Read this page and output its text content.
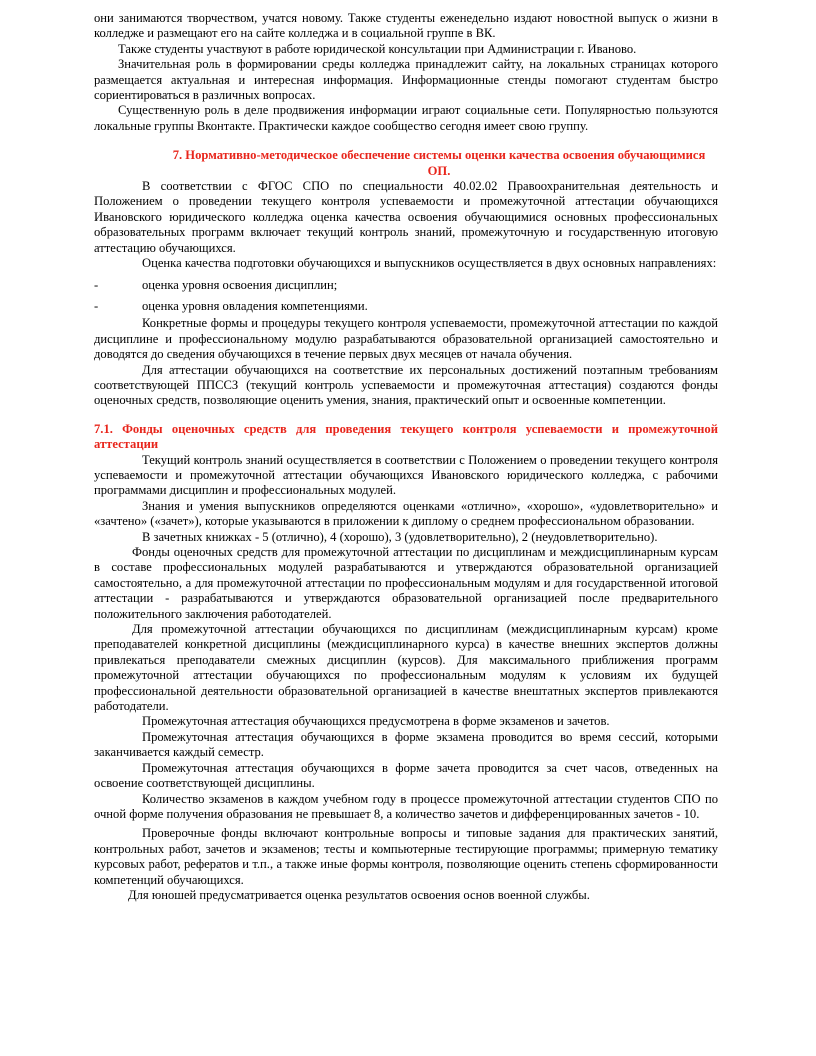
они занимаются творчеством, учатся новому. Также студенты еженедельно издают новостной выпуск о жизни в колледже и размещают его на сайте колледжа и в социальной группе в ВК.

Также студенты участвуют в работе юридической консультации при Администрации г. Иваново.

Значительная роль в формировании среды колледжа принадлежит сайту, на локальных страницах которого размещается актуальная и интересная информация. Информационные стенды помогают студентам быстро сориентироваться в различных вопросах.

Существенную роль в деле продвижения информации играют социальные сети. Популярностью пользуются локальные группы Вконтакте. Практически каждое сообщество сегодня имеет свою группу.

7. Нормативно-методическое обеспечение системы оценки качества освоения обучающимися ОП.

В соответствии с ФГОС СПО по специальности 40.02.02 Правоохранительная деятельность и Положением о проведении текущего контроля успеваемости и промежуточной аттестации обучающихся Ивановского юридического колледжа оценка качества освоения обучающимися основных профессиональных образовательных программ включает текущий контроль знаний, промежуточную и государственную итоговую аттестацию обучающихся.

Оценка качества подготовки обучающихся и выпускников осуществляется в двух основных направлениях:

-	оценка уровня освоения дисциплин;
-	оценка уровня овладения компетенциями.

Конкретные формы и процедуры текущего контроля успеваемости, промежуточной аттестации по каждой дисциплине и профессиональному модулю разрабатываются образовательной организацией самостоятельно и доводятся до сведения обучающихся в течение первых двух месяцев от начала обучения.

Для аттестации обучающихся на соответствие их персональных достижений поэтапным требованиям соответствующей ППССЗ (текущий контроль успеваемости и промежуточная аттестация) создаются фонды оценочных средств, позволяющие оценить умения, знания, практический опыт и освоенные компетенции.

7.1. Фонды оценочных средств для проведения текущего контроля успеваемости и промежуточной аттестации

Текущий контроль знаний осуществляется в соответствии с Положением о проведении текущего контроля успеваемости и промежуточной аттестации обучающихся Ивановского юридического колледжа, с рабочими программами дисциплин и профессиональных модулей.

Знания и умения выпускников определяются оценками «отлично», «хорошо», «удовлетворительно» и «зачтено» («зачет»), которые указываются в приложении к диплому о среднем профессиональном образовании.

В зачетных книжках - 5 (отлично), 4 (хорошо), 3 (удовлетворительно), 2 (неудовлетворительно).

Фонды оценочных средств для промежуточной аттестации по дисциплинам и междисциплинарным курсам в составе профессиональных модулей разрабатываются и утверждаются образовательной организацией самостоятельно, а для промежуточной аттестации по профессиональным модулям и для государственной итоговой аттестации - разрабатываются и утверждаются образовательной организацией после предварительного положительного заключения работодателей.

Для промежуточной аттестации обучающихся по дисциплинам (междисциплинарным курсам) кроме преподавателей конкретной дисциплины (междисциплинарного курса) в качестве внешних экспертов должны привлекаться преподаватели смежных дисциплин (курсов). Для максимального приближения программ промежуточной аттестации обучающихся по профессиональным модулям к условиям их будущей профессиональной деятельности образовательной организацией в качестве внештатных экспертов привлекаются работодатели.

Промежуточная аттестация обучающихся предусмотрена в форме экзаменов и зачетов.

Промежуточная аттестация обучающихся в форме экзамена проводится во время сессий, которыми заканчивается каждый семестр.

Промежуточная аттестация обучающихся в форме зачета проводится за счет часов, отведенных на освоение соответствующей дисциплины.

Количество экзаменов в каждом учебном году в процессе промежуточной аттестации студентов СПО по очной форме получения образования не превышает 8, а количество зачетов и дифференцированных зачетов - 10.

Проверочные фонды включают контрольные вопросы и типовые задания для практических занятий, контрольных работ, зачетов и экзаменов; тесты и компьютерные тестирующие программы; примерную тематику курсовых работ, рефератов и т.п., а также иные формы контроля, позволяющие оценить степень сформированности компетенций обучающихся.

Для юношей предусматривается оценка результатов освоения основ военной службы.
